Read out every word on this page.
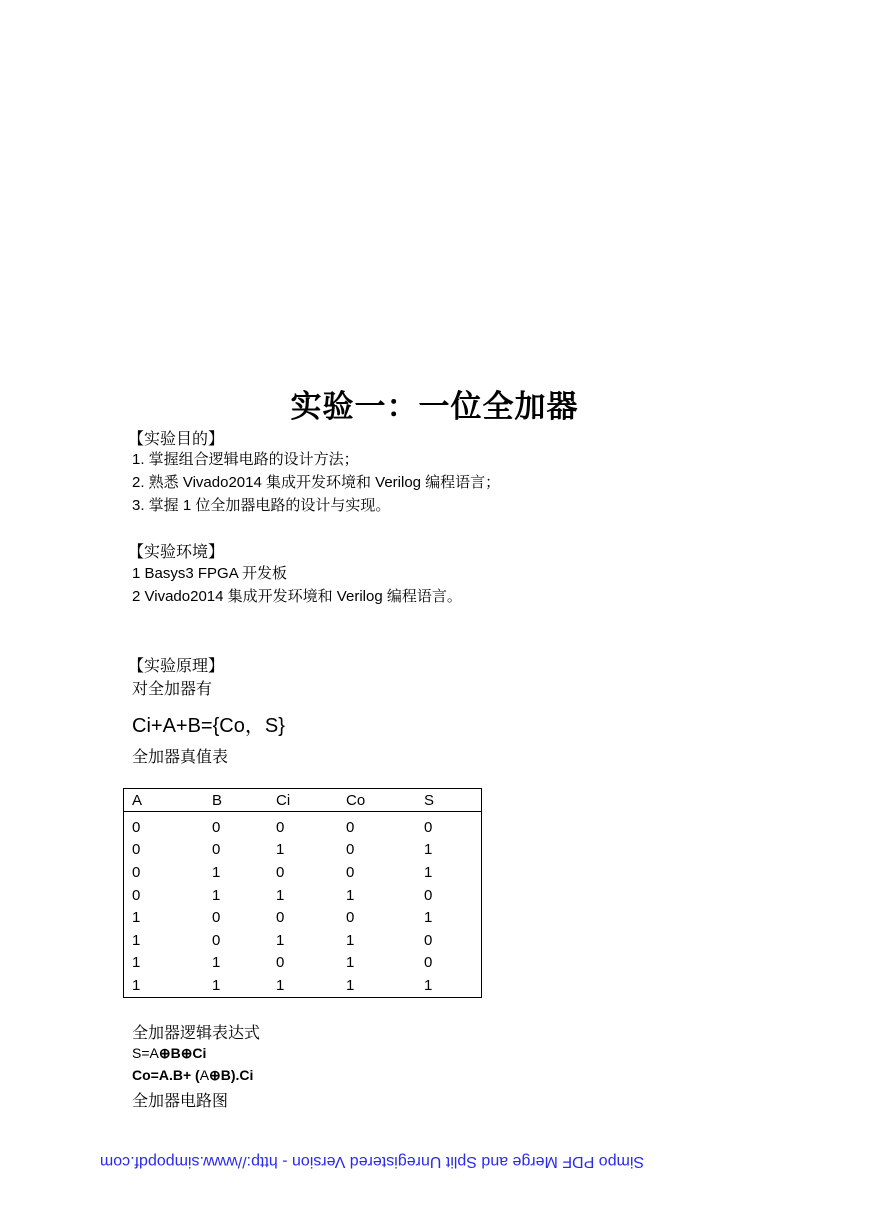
实验一：一位全加器
【实验目的】
1. 掌握组合逻辑电路的设计方法；
2. 熟悉 Vivado2014 集成开发环境和 Verilog 编程语言；
3. 掌握 1 位全加器电路的设计与实现。
【实验环境】
1 Basys3 FPGA 开发板
2 Vivado2014 集成开发环境和 Verilog 编程语言。
【实验原理】
对全加器有
Ci+A+B={Co，S}
全加器真值表
A	B	Ci	Co	S
0	0	0	0	0
0	0	1	0	1
0	1	0	0	1
0	1	1	1	0
1	0	0	0	1
1	0	1	1	0
1	1	0	1	0
1	1	1	1	1
全加器逻辑表达式
S=A⊕B⊕Ci
Co=A.B+ (A⊕B).Ci
全加器电路图
Simpo PDF Merge and Split Unregistered Version - http://www.simpopdf.com
